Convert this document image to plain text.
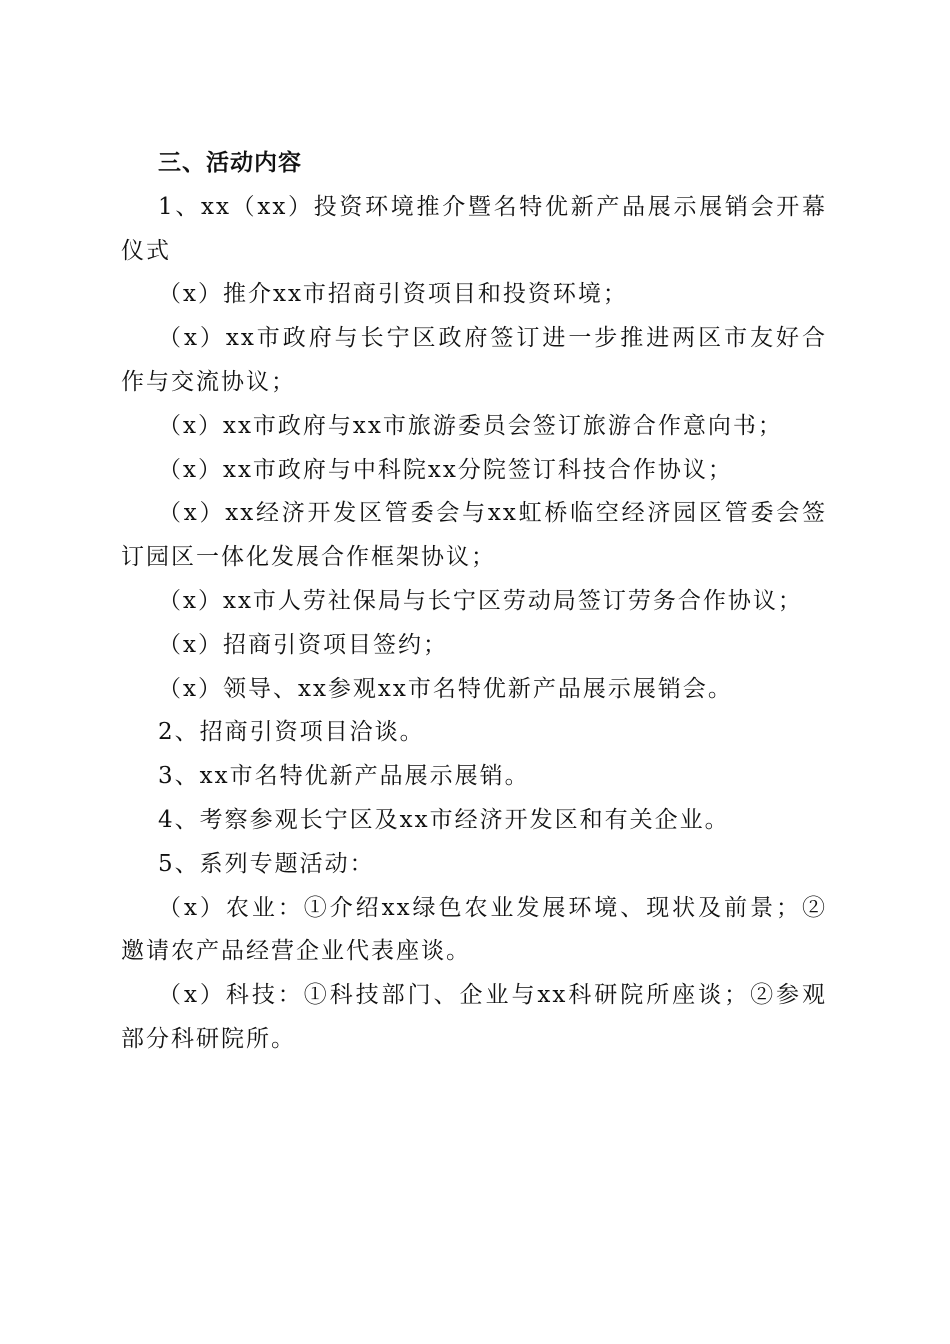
三、活动内容

1、xx（xx）投资环境推介暨名特优新产品展示展销会开幕仪式

（x）推介xx市招商引资项目和投资环境；

（x）xx市政府与长宁区政府签订进一步推进两区市友好合作与交流协议；

（x）xx市政府与xx市旅游委员会签订旅游合作意向书；

（x）xx市政府与中科院xx分院签订科技合作协议；

（x）xx经济开发区管委会与xx虹桥临空经济园区管委会签订园区一体化发展合作框架协议；

（x）xx市人劳社保局与长宁区劳动局签订劳务合作协议；

（x）招商引资项目签约；

（x）领导、xx参观xx市名特优新产品展示展销会。

2、招商引资项目洽谈。

3、xx市名特优新产品展示展销。

4、考察参观长宁区及xx市经济开发区和有关企业。

5、系列专题活动：

（x）农业：①介绍xx绿色农业发展环境、现状及前景；②邀请农产品经营企业代表座谈。

（x）科技：①科技部门、企业与xx科研院所座谈；②参观部分科研院所。
